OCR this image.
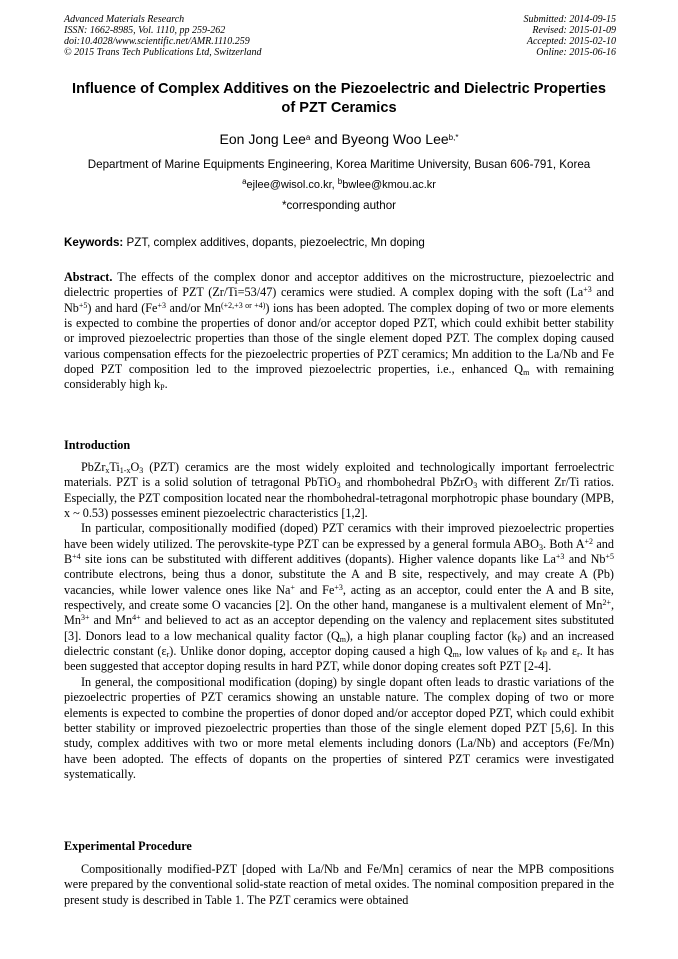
Advanced Materials Research
ISSN: 1662-8985, Vol. 1110, pp 259-262
doi:10.4028/www.scientific.net/AMR.1110.259
© 2015 Trans Tech Publications Ltd, Switzerland
Submitted: 2014-09-15
Revised: 2015-01-09
Accepted: 2015-02-10
Online: 2015-06-16
Influence of Complex Additives on the Piezoelectric and Dielectric Properties of PZT Ceramics
Eon Jong Lee$^a$ and Byeong Woo Lee$^{b,*}$
Department of Marine Equipments Engineering, Korea Maritime University, Busan 606-791, Korea
$^a$ejlee@wisol.co.kr, $^b$bwlee@kmou.ac.kr
*corresponding author
Keywords: PZT, complex additives, dopants, piezoelectric, Mn doping

Abstract. The effects of the complex donor and acceptor additives on the microstructure, piezoelectric and dielectric properties of PZT (Zr/Ti=53/47) ceramics were studied. A complex doping with the soft ($La^{+3}$ and $Nb^{+5}$) and hard ($Fe^{+3}$ and/or $Mn^{(+2,+3 or +4)}$) ions has been adopted. The complex doping of two or more elements is expected to combine the properties of donor and/or acceptor doped PZT, which could exhibit better stability or improved piezoelectric properties than those of the single element doped PZT. The complex doping caused various compensation effects for the piezoelectric properties of PZT ceramics; Mn addition to the La/Nb and Fe doped PZT composition led to the improved piezoelectric properties, i.e., enhanced $Q_m$ with remaining considerably high $k_P$.

Introduction

$PbZr_xTi_{1-x}O_3$ (PZT) ceramics are the most widely exploited and technologically important ferroelectric materials. PZT is a solid solution of tetragonal PbTiO$_3$ and rhombohedral PbZrO$_3$ with different Zr/Ti ratios. Especially, the PZT composition located near the rhombohedral-tetragonal morphotropic phase boundary (MPB, x ~ 0.53) possesses eminent piezoelectric characteristics [1,2].

In particular, compositionally modified (doped) PZT ceramics with their improved piezoelectric properties have been widely utilized. The perovskite-type PZT can be expressed by a general formula $ABO_3$. Both $A^{+2}$ and $B^{+4}$ site ions can be substituted with different additives (dopants). Higher valence dopants like $La^{+3}$ and $Nb^{+5}$ contribute electrons, being thus a donor, substitute the A and B site, respectively, and may create A (Pb) vacancies, while lower valence ones like Na+ and $Fe^{+3}$, acting as an acceptor, could enter the A and B site, respectively, and create some O vacancies [2]. On the other hand, manganese is a multivalent element of $Mn^{2+}$, $Mn^{3+}$ and $Mn^{4+}$ and believed to act as an acceptor depending on the valency and replacement sites substituted [3]. Donors lead to a low mechanical quality factor $(Q_m)$, a high planar coupling factor $(k_P)$ and an increased dielectric constant $(\varepsilon_r)$. Unlike donor doping, acceptor doping caused a high $Q_m$, low values of $k_P$ and $\varepsilon_r$. It has been suggested that acceptor doping results in hard PZT, while donor doping creates soft PZT [2-4].

In general, the compositional modification (doping) by single dopant often leads to drastic variations of the piezoelectric properties of PZT ceramics showing an unstable nature. The complex doping of two or more elements is expected to combine the properties of donor doped and/or acceptor doped PZT, which could exhibit better stability or improved piezoelectric properties than those of the single element doped PZT [5,6]. In this study, complex additives with two or more metal elements including donors (La/Nb) and acceptors (Fe/Mn) have been adopted. The effects of dopants on the properties of sintered PZT ceramics were investigated systematically.

Experimental Procedure

Compositionally modified-PZT [doped with La/Nb and Fe/Mn] ceramics of near the MPB compositions were prepared by the conventional solid-state reaction of metal oxides. The nominal composition prepared in the present study is described in Table 1. The PZT ceramics were obtained
